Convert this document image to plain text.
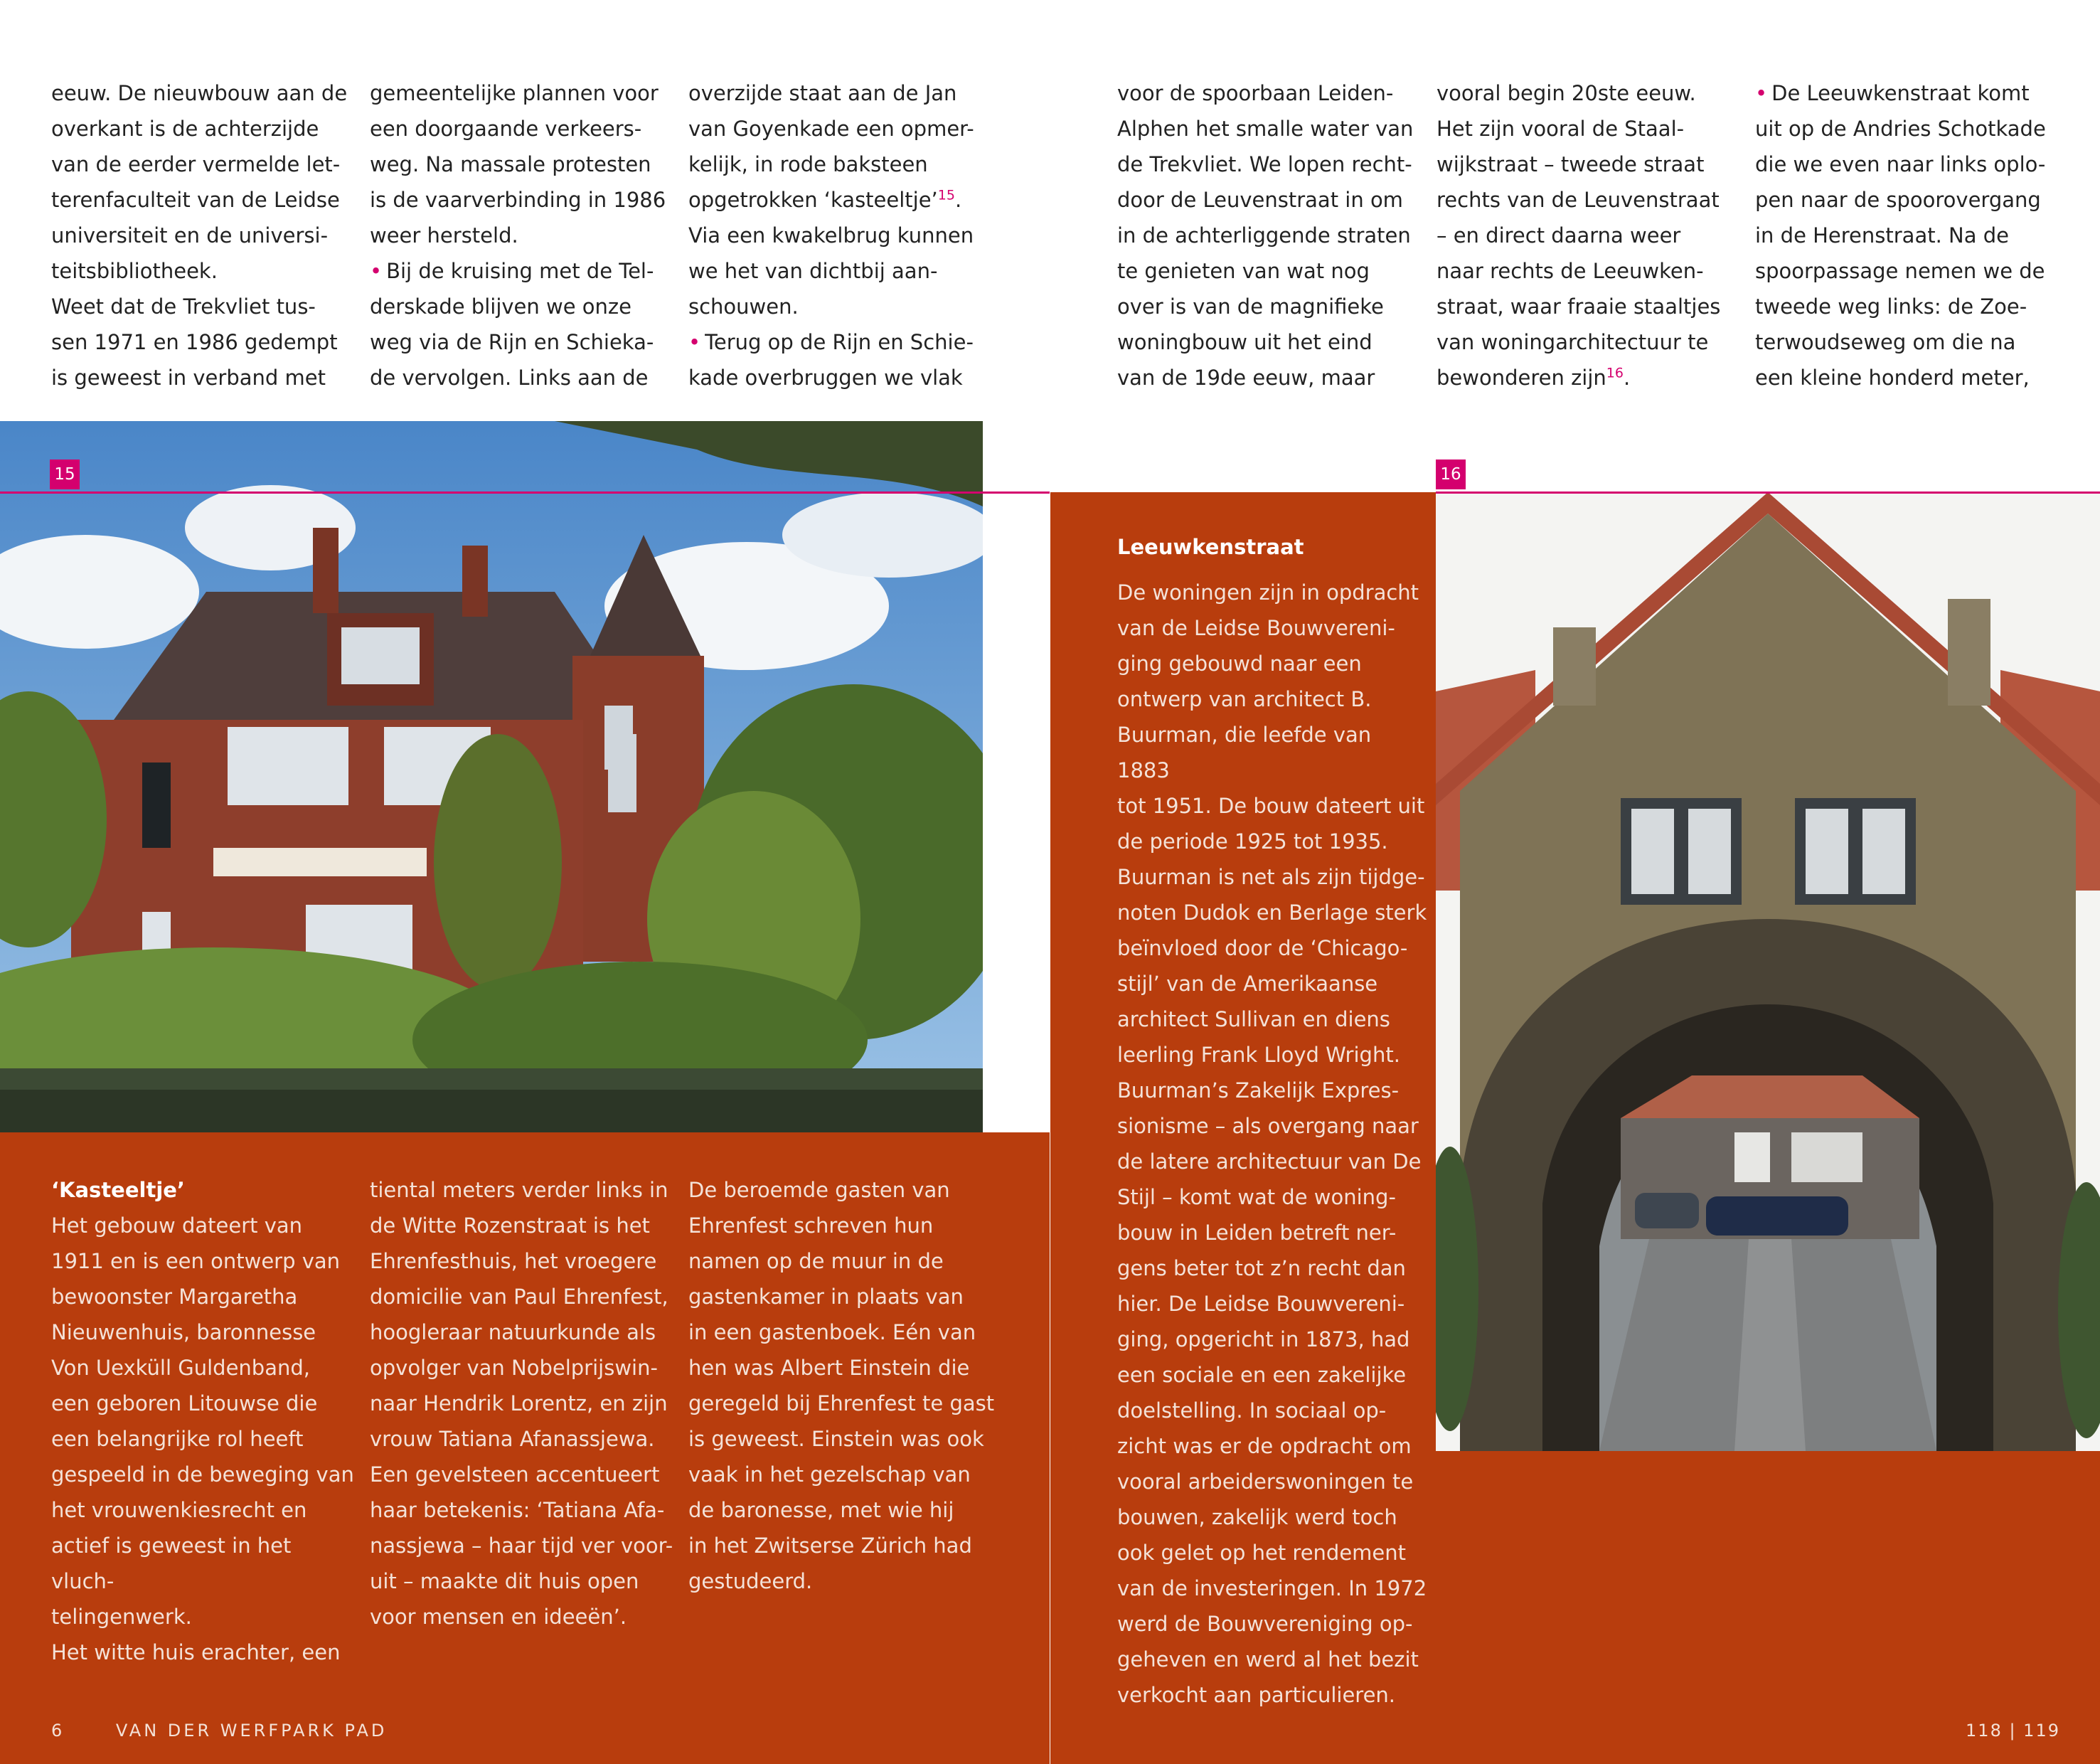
eeuw. De nieuwbouw aan de

overkant is de achterzijde

van de eerder vermelde let-

terenfaculteit van de Leidse

universiteit en de universi-

teitsbibliotheek.

Weet dat de Trekvliet tus-

sen 1971 en 1986 gedempt

is geweest in verband met

gemeentelijke plannen voor

een doorgaande verkeers-

weg. Na massale protesten

is de vaarverbinding in 1986

weer hersteld.

• Bij de kruising met de Tel-

derskade blijven we onze

weg via de Rijn en Schieka-

de vervolgen. Links aan de

overzijde staat aan de Jan

van Goyenkade een opmer-

kelijk, in rode baksteen

opgetrokken ‘kasteeltje’$^{15}$.

Via een kwakelbrug kunnen

we het van dichtbij aan-

schouwen.

• Terug op de Rijn en Schie-

kade overbruggen we vlak

‘Kasteeltje’

Het gebouw dateert van

1911 en is een ontwerp van

bewoonster Margaretha

Nieuwenhuis, baronnesse

Von Uexküll Guldenband,

een geboren Litouwse die

een belangrijke rol heeft

gespeeld in de beweging van

het vrouwenkiesrecht en

actief is geweest in het vluch-

telingenwerk.

Het witte huis erachter, een

tiental meters verder links in

de Witte Rozenstraat is het

Ehrenfesthuis, het vroegere

domicilie van Paul Ehrenfest,

hoogleraar natuurkunde als

opvolger van Nobelprijswin-

naar Hendrik Lorentz, en zijn

vrouw Tatiana Afanassjewa.

Een gevelsteen accentueert

haar betekenis: ‘Tatiana Afa-

nassjewa – haar tijd ver voor-

uit – maakte dit huis open

voor mensen en ideeën’.

De beroemde gasten van

Ehrenfest schreven hun

namen op de muur in de

gastenkamer in plaats van

in een gastenboek. Eén van

hen was Albert Einstein die

geregeld bij Ehrenfest te gast

is geweest. Einstein was ook

vaak in het gezelschap van

de baronesse, met wie hij

in het Zwitserse Zürich had

gestudeerd.

15
6	VAN DER WERFPARK PAD

voor de spoorbaan Leiden-

Alphen het smalle water van

de Trekvliet. We lopen recht-

door de Leuvenstraat in om

in de achterliggende straten

te genieten van wat nog

over is van de magnifieke

woningbouw uit het eind

van de 19de eeuw, maar

vooral begin 20ste eeuw.

Het zijn vooral de Staal-

wijkstraat – tweede straat

rechts van de Leuvenstraat

– en direct daarna weer

naar rechts de Leeuwken-

straat, waar fraaie staaltjes

van woningarchitectuur te

bewonderen zijn$^{16}$.

• De Leeuwkenstraat komt

uit op de Andries Schotkade

die we even naar links oplo-

pen naar de spoorovergang

in de Herenstraat. Na de

spoorpassage nemen we de

tweede weg links: de Zoe-

terwoudseweg om die na

een kleine honderd meter,

Leeuwkenstraat

De woningen zijn in opdracht

van de Leidse Bouwvereni-

ging gebouwd naar een

ontwerp van architect B.

Buurman, die leefde van 1883

tot 1951. De bouw dateert uit

de periode 1925 tot 1935.

Buurman is net als zijn tijdge-

noten Dudok en Berlage sterk

beïnvloed door de ‘Chicago-

stijl’ van de Amerikaanse

architect Sullivan en diens

leerling Frank Lloyd Wright.

Buurman’s Zakelijk Expres-

sionisme – als overgang naar

de latere architectuur van De

Stijl – komt wat de woning-

bouw in Leiden betreft ner-

gens beter tot z’n recht dan

hier. De Leidse Bouwvereni-

ging, opgericht in 1873, had

een sociale en een zakelijke

doelstelling. In sociaal op-

zicht was er de opdracht om

vooral arbeiderswoningen te

bouwen, zakelijk werd toch

ook gelet op het rendement

van de investeringen. In 1972

werd de Bouwvereniging op-

geheven en werd al het bezit

verkocht aan particulieren.

16
118 | 119
